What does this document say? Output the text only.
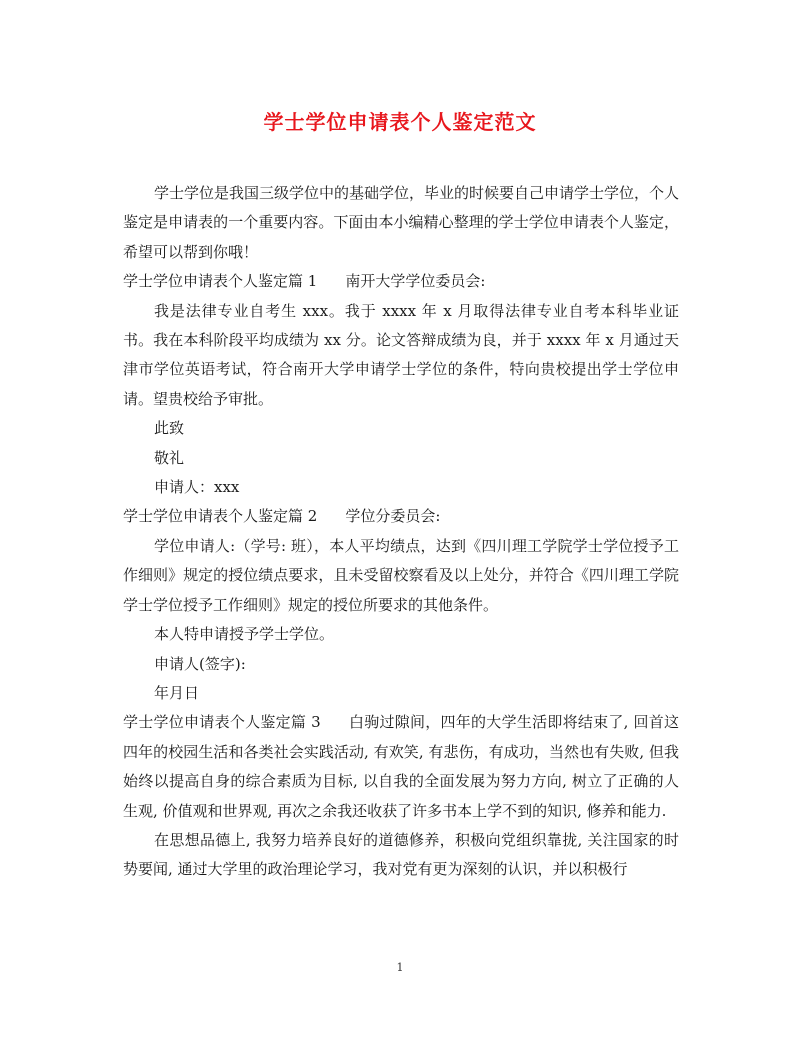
学士学位申请表个人鉴定范文

学士学位是我国三级学位中的基础学位，毕业的时候要自己申请学士学位，个人鉴定是申请表的一个重要内容。下面由本小编精心整理的学士学位申请表个人鉴定，希望可以帮到你哦！

学士学位申请表个人鉴定篇 1 南开大学学位委员会:

我是法律专业自考生 xxx。我于 xxxx 年 x 月取得法律专业自考本科毕业证书。我在本科阶段平均成绩为 xx 分。论文答辩成绩为良，并于 xxxx 年 x 月通过天津市学位英语考试，符合南开大学申请学士学位的条件，特向贵校提出学士学位申请。望贵校给予审批。

此致

敬礼

申请人：xxx

学士学位申请表个人鉴定篇 2 学位分委员会:

学位申请人:（学号: 班），本人平均绩点，达到《四川理工学院学士学位授予工作细则》规定的授位绩点要求，且未受留校察看及以上处分，并符合《四川理工学院学士学位授予工作细则》规定的授位所要求的其他条件。

本人特申请授予学士学位。

申请人(签字):

年月日

学士学位申请表个人鉴定篇 3 白驹过隙间，四年的大学生活即将结束了, 回首这四年的校园生活和各类社会实践活动, 有欢笑, 有悲伤，有成功，当然也有失败, 但我始终以提高自身的综合素质为目标, 以自我的全面发展为努力方向, 树立了正确的人生观, 价值观和世界观, 再次之余我还收获了许多书本上学不到的知识, 修养和能力.

在思想品德上, 我努力培养良好的道德修养，积极向党组织靠拢, 关注国家的时势要闻, 通过大学里的政治理论学习，我对党有更为深刻的认识，并以积极行

1
